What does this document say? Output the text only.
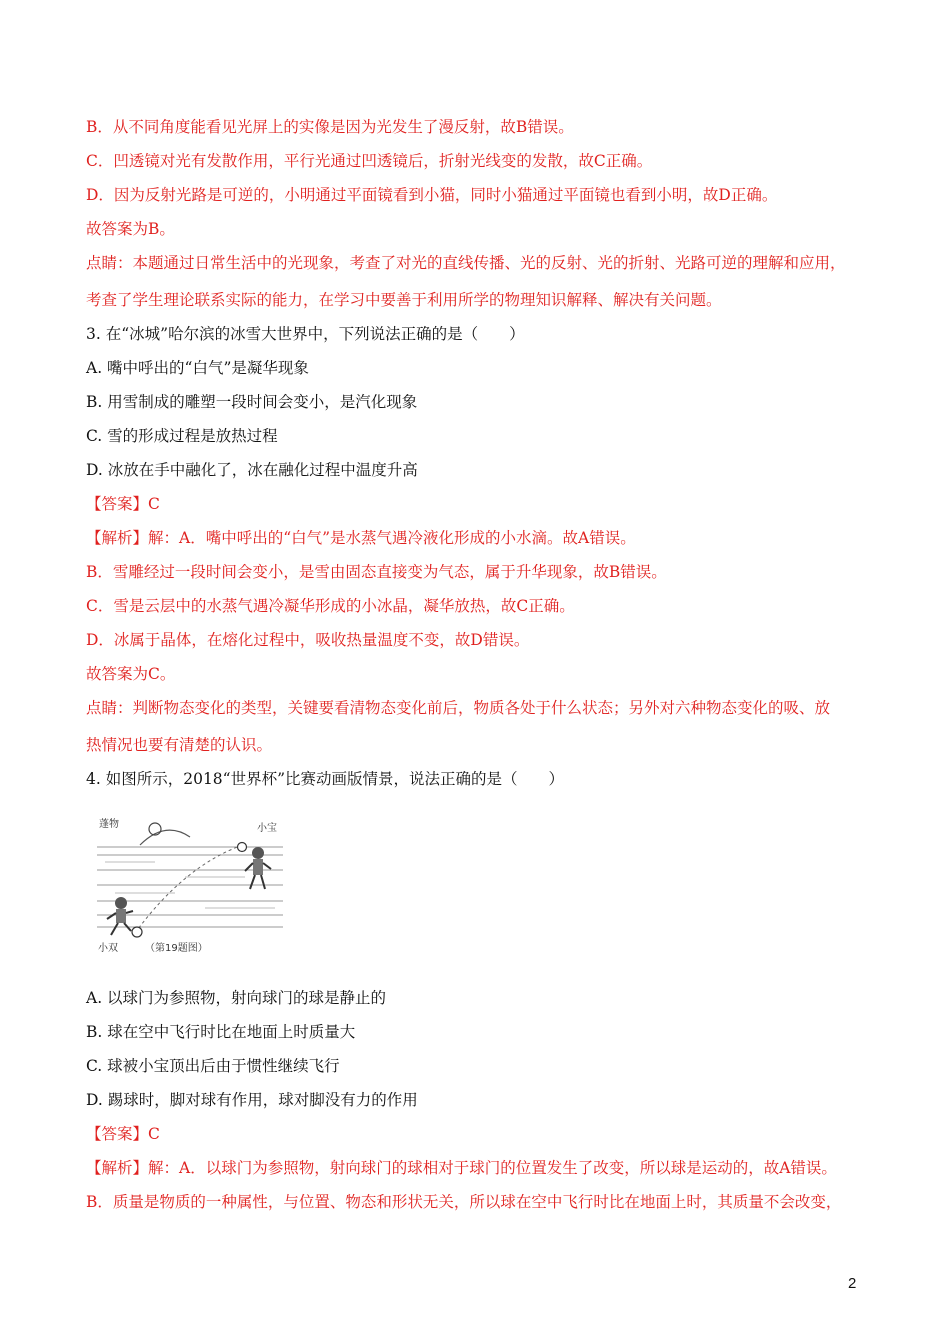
B．从不同角度能看见光屏上的实像是因为光发生了漫反射，故B错误。
C．凹透镜对光有发散作用，平行光通过凹透镜后，折射光线变的发散，故C正确。
D．因为反射光路是可逆的，小明通过平面镜看到小猫，同时小猫通过平面镜也看到小明，故D正确。
故答案为B。
点睛：本题通过日常生活中的光现象，考查了对光的直线传播、光的反射、光的折射、光路可逆的理解和应用，
考查了学生理论联系实际的能力，在学习中要善于利用所学的物理知识解释、解决有关问题。
3. 在“冰城”哈尔滨的冰雪大世界中，下列说法正确的是（　　）
A. 嘴中呼出的“白气”是凝华现象
B. 用雪制成的雕塑一段时间会变小，是汽化现象
C. 雪的形成过程是放热过程
D. 冰放在手中融化了，冰在融化过程中温度升高
【答案】C
【解析】解：A．嘴中呼出的“白气”是水蒸气遇冷液化形成的小水滴。故A错误。
B．雪雕经过一段时间会变小，是雪由固态直接变为气态，属于升华现象，故B错误。
C．雪是云层中的水蒸气遇冷凝华形成的小冰晶，凝华放热，故C正确。
D．冰属于晶体，在熔化过程中，吸收热量温度不变，故D错误。
故答案为C。
点睛：判断物态变化的类型，关键要看清物态变化前后，物质各处于什么状态；另外对六种物态变化的吸、放
热情况也要有清楚的认识。
4. 如图所示，2018“世界杯”比赛动画版情景，说法正确的是（　　）
A. 以球门为参照物，射向球门的球是静止的
B. 球在空中飞行时比在地面上时质量大
C. 球被小宝顶出后由于惯性继续飞行
D. 踢球时，脚对球有作用，球对脚没有力的作用
【答案】C
【解析】解：A．以球门为参照物，射向球门的球相对于球门的位置发生了改变，所以球是运动的，故A错误。
B．质量是物质的一种属性，与位置、物态和形状无关，所以球在空中飞行时比在地面上时，其质量不会改变，
蓬物	小宝
小双	（第19题图）
2
